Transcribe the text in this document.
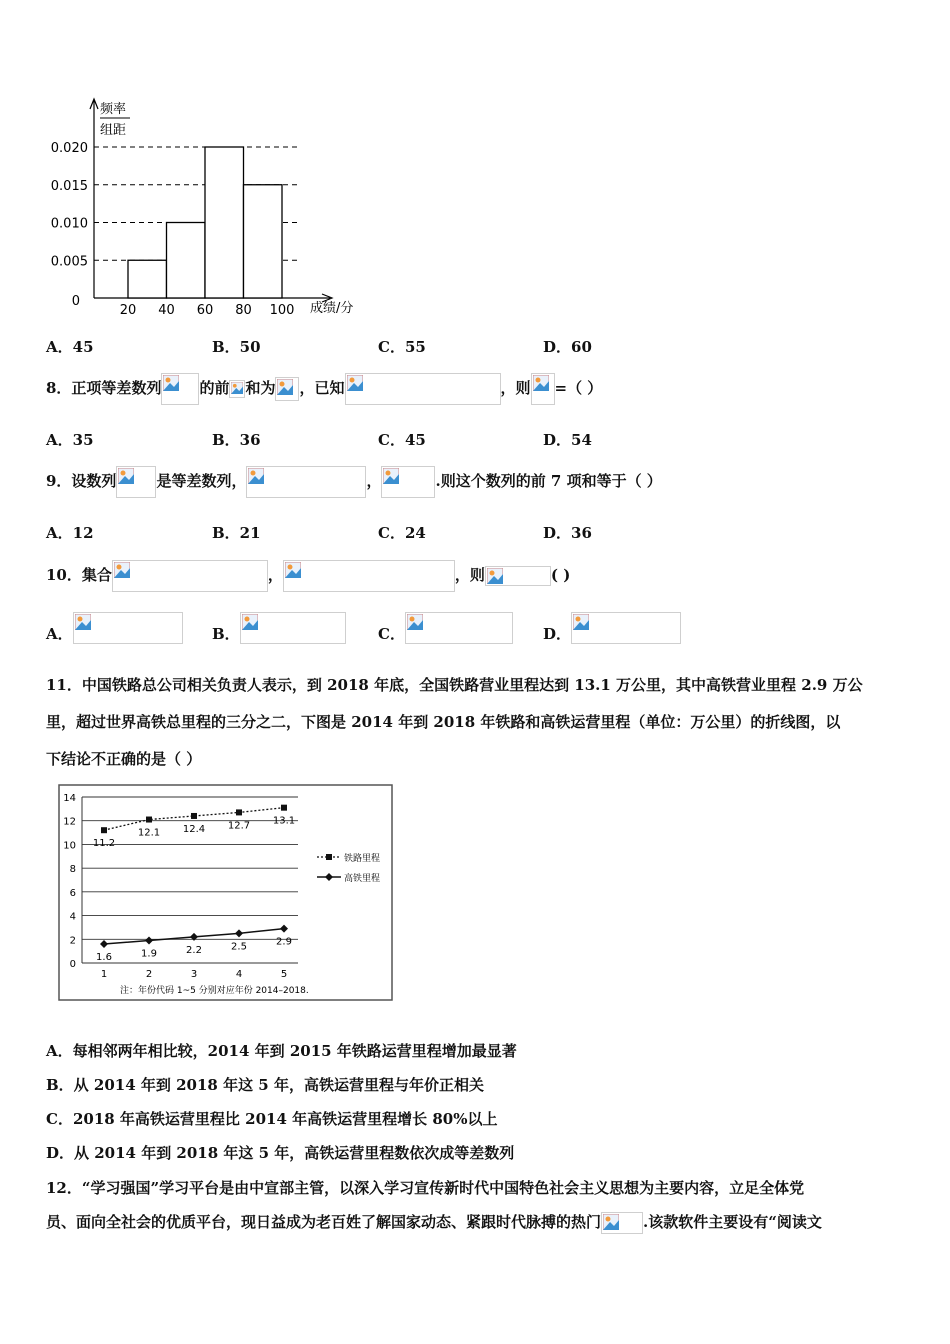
频率
组距
0.020
0.015
0.010
0.005
0
20 40 60 80 100 成绩/分
A．45	B．50	C．55	D．60
8．正项等差数列	的前 和为 ，已知	，则 =（ ）
A．35	B．36	C．45	D．54
9．设数列	是等差数列，	，	.则这个数列的前 7 项和等于（ ）
A．12	B．21	C．24	D．36
10．集合	，	，则	( )
A．	B．	C．	D．
11．中国铁路总公司相关负责人表示，到 2018 年底，全国铁路营业里程达到 13.1 万公里，其中高铁营业里程 2.9 万公
里，超过世界高铁总里程的三分之二，下图是 2014 年到 2018 年铁路和高铁运营里程（单位：万公里）的折线图，以
下结论不正确的是（ ）
14
12
10
8
6
4
2
0
1	2	3	4	5
11.2
12.1 12.4 12.7 13.1
1.6	1.9	2.2	2.5	2.9
铁路里程
高铁里程
注：年份代码 1~5 分别对应年份 2014–2018.
A．每相邻两年相比较，2014 年到 2015 年铁路运营里程增加最显著
B．从 2014 年到 2018 年这 5 年，高铁运营里程与年价正相关
C．2018 年高铁运营里程比 2014 年高铁运营里程增长 80%以上
D．从 2014 年到 2018 年这 5 年，高铁运营里程数依次成等差数列
12．“学习强国”学习平台是由中宣部主管，以深入学习宣传新时代中国特色社会主义思想为主要内容，立足全体党
员、面向全社会的优质平台，现日益成为老百姓了解国家动态、紧跟时代脉搏的热门	.该款软件主要设有“阅读文
